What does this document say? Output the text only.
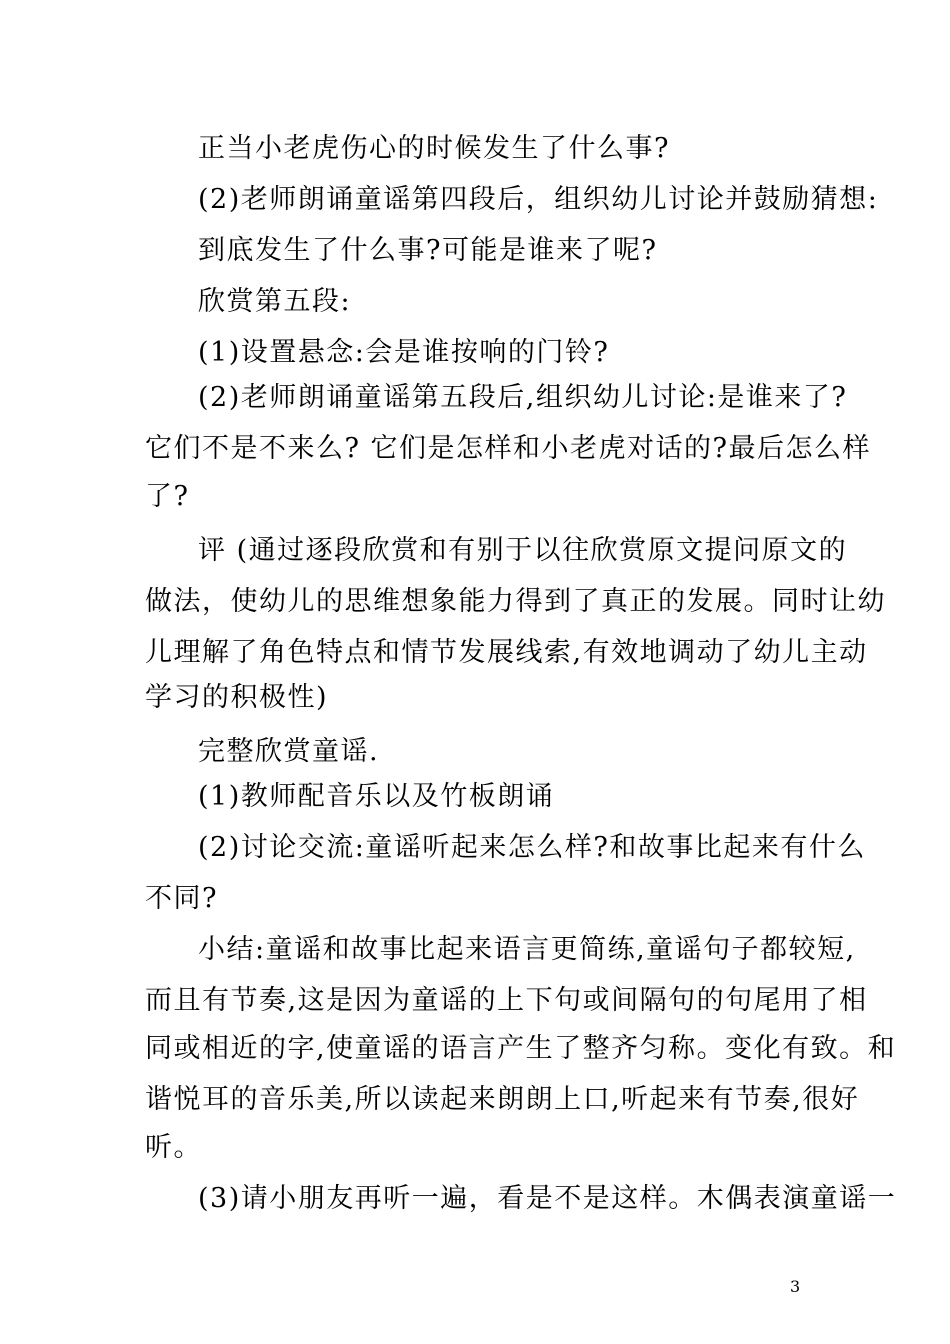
正当小老虎伤心的时候发生了什么事?
(2)老师朗诵童谣第四段后，组织幼儿讨论并鼓励猜想:
到底发生了什么事?可能是谁来了呢?
欣赏第五段:
(1)设置悬念:会是谁按响的门铃?
(2)老师朗诵童谣第五段后,组织幼儿讨论:是谁来了?
它们不是不来么? 它们是怎样和小老虎对话的?最后怎么样
了?
评 (通过逐段欣赏和有别于以往欣赏原文提问原文的
做法，使幼儿的思维想象能力得到了真正的发展。同时让幼
儿理解了角色特点和情节发展线索,有效地调动了幼儿主动
学习的积极性)
完整欣赏童谣.
(1)教师配音乐以及竹板朗诵
(2)讨论交流:童谣听起来怎么样?和故事比起来有什么
不同?
小结:童谣和故事比起来语言更简练,童谣句子都较短,
而且有节奏,这是因为童谣的上下句或间隔句的句尾用了相
同或相近的字,使童谣的语言产生了整齐匀称。变化有致。和
谐悦耳的音乐美,所以读起来朗朗上口,听起来有节奏,很好
听。
(3)请小朋友再听一遍，看是不是这样。木偶表演童谣一
3
